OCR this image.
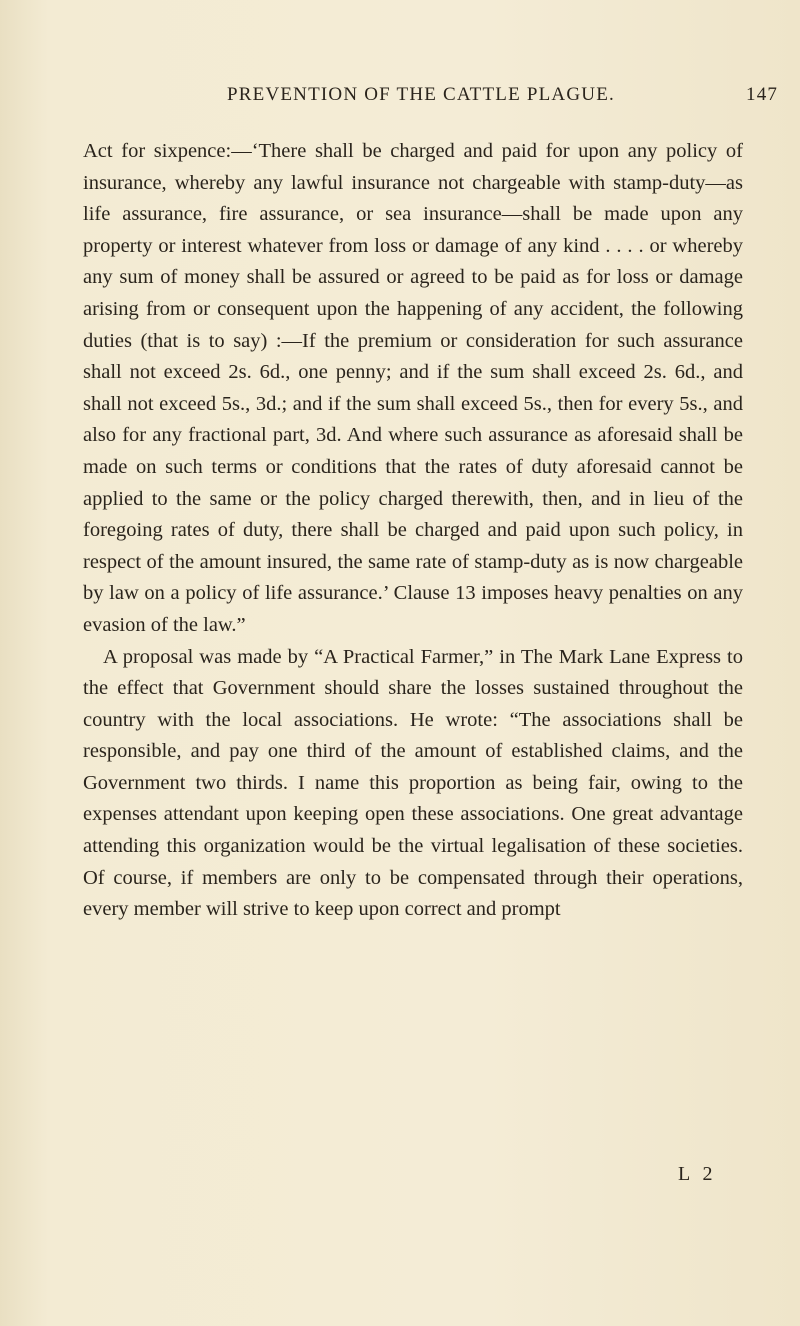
PREVENTION OF THE CATTLE PLAGUE.	147

Act for sixpence:—‘There shall be charged and paid for upon any policy of insurance, whereby any lawful insurance not chargeable with stamp-duty—as life assurance, fire assurance, or sea insurance—shall be made upon any property or interest whatever from loss or damage of any kind . . . . or whereby any sum of money shall be assured or agreed to be paid as for loss or damage arising from or consequent upon the happening of any accident, the following duties (that is to say) :—If the premium or consideration for such assurance shall not exceed 2s. 6d., one penny; and if the sum shall exceed 2s. 6d., and shall not exceed 5s., 3d.; and if the sum shall exceed 5s., then for every 5s., and also for any fractional part, 3d. And where such assurance as aforesaid shall be made on such terms or conditions that the rates of duty aforesaid cannot be applied to the same or the policy charged therewith, then, and in lieu of the foregoing rates of duty, there shall be charged and paid upon such policy, in respect of the amount insured, the same rate of stamp-duty as is now chargeable by law on a policy of life assurance.’ Clause 13 imposes heavy penalties on any evasion of the law.”

A proposal was made by “A Practical Farmer,” in The Mark Lane Express to the effect that Government should share the losses sustained throughout the country with the local associations. He wrote: “The associations shall be responsible, and pay one third of the amount of established claims, and the Government two thirds. I name this proportion as being fair, owing to the expenses attendant upon keeping open these associations. One great advantage attending this organization would be the virtual legalisation of these societies. Of course, if members are only to be compensated through their operations, every member will strive to keep upon correct and prompt

L 2
